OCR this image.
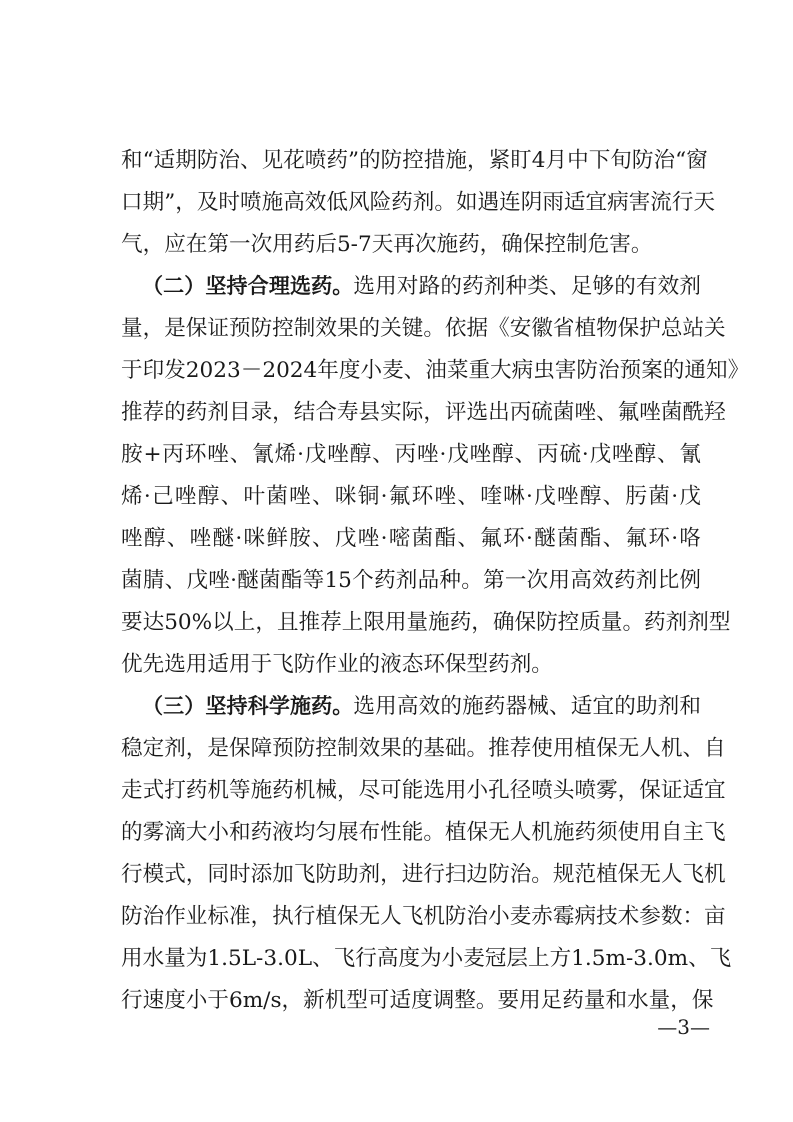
和“适期防治、见花喷药”的防控措施，紧盯4月中下旬防治“窗
口期”，及时喷施高效低风险药剂。如遇连阴雨适宜病害流行天
气，应在第一次用药后5-7天再次施药，确保控制危害。
（二）坚持合理选药。选用对路的药剂种类、足够的有效剂
量，是保证预防控制效果的关键。依据《安徽省植物保护总站关
于印发2023－2024年度小麦、油菜重大病虫害防治预案的通知》
推荐的药剂目录，结合寿县实际，评选出丙硫菌唑、氟唑菌酰羟
胺+丙环唑、氰烯·戊唑醇、丙唑·戊唑醇、丙硫·戊唑醇、氰
烯·己唑醇、叶菌唑、咪铜·氟环唑、喹啉·戊唑醇、肟菌·戊
唑醇、唑醚·咪鲜胺、戊唑·嘧菌酯、氟环·醚菌酯、氟环·咯
菌腈、戊唑·醚菌酯等15个药剂品种。第一次用高效药剂比例
要达50%以上，且推荐上限用量施药，确保防控质量。药剂剂型
优先选用适用于飞防作业的液态环保型药剂。
（三）坚持科学施药。选用高效的施药器械、适宜的助剂和
稳定剂，是保障预防控制效果的基础。推荐使用植保无人机、自
走式打药机等施药机械，尽可能选用小孔径喷头喷雾，保证适宜
的雾滴大小和药液均匀展布性能。植保无人机施药须使用自主飞
行模式，同时添加飞防助剂，进行扫边防治。规范植保无人飞机
防治作业标准，执行植保无人飞机防治小麦赤霉病技术参数：亩
用水量为1.5L-3.0L、飞行高度为小麦冠层上方1.5m-3.0m、飞
行速度小于6m/s，新机型可适度调整。要用足药量和水量，保
—3—
